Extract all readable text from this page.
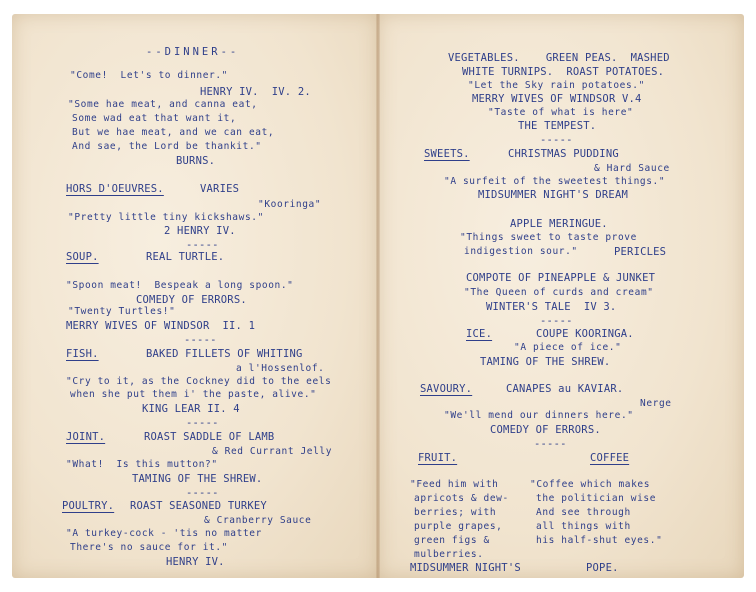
--DINNER--
"Come!  Let's to dinner."
HENRY IV.  IV. 2.
"Some hae meat, and canna eat,
Some wad eat that want it,
But we hae meat, and we can eat,
And sae, the Lord be thankit."
BURNS.
HORS D'OEUVRES.	VARIES
"Kooringa"
"Pretty little tiny kickshaws."
2 HENRY IV.
-----
SOUP.	REAL TURTLE.
"Spoon meat!  Bespeak a long spoon."
COMEDY OF ERRORS.
"Twenty Turtles!"
MERRY WIVES OF WINDSOR  II. 1
-----
FISH.	BAKED FILLETS OF WHITING
a l'Hossenlof.
"Cry to it, as the Cockney did to the eels
when she put them i' the paste, alive."
KING LEAR II. 4
-----
JOINT.	ROAST SADDLE OF LAMB
& Red Currant Jelly
"What!  Is this mutton?"
TAMING OF THE SHREW.
-----
POULTRY. ROAST SEASONED TURKEY
& Cranberry Sauce
"A turkey-cock - 'tis no matter
There's no sauce for it."
HENRY IV.
VEGETABLES.    GREEN PEAS.  MASHED
WHITE TURNIPS.  ROAST POTATOES.
"Let the Sky rain potatoes."
MERRY WIVES OF WINDSOR V.4
"Taste of what is here"
THE TEMPEST.
-----
SWEETS.	CHRISTMAS PUDDING
& Hard Sauce
"A surfeit of the sweetest things."
MIDSUMMER NIGHT'S DREAM
APPLE MERINGUE.
"Things sweet to taste prove
indigestion sour."	PERICLES
COMPOTE OF PINEAPPLE & JUNKET
"The Queen of curds and cream"
WINTER'S TALE  IV 3.
-----
ICE.	COUPE KOORINGA.
"A piece of ice."
TAMING OF THE SHREW.
SAVOURY.	CANAPES au KAVIAR.
Nerge
"We'll mend our dinners here."
COMEDY OF ERRORS.
-----
FRUIT.	COFFEE
"Feed him with
apricots & dew-
berries; with
purple grapes,
green figs &
mulberries.
MIDSUMMER NIGHT'S
"Coffee which makes
the politician wise
And see through
all things with
his half-shut eyes."
POPE.
